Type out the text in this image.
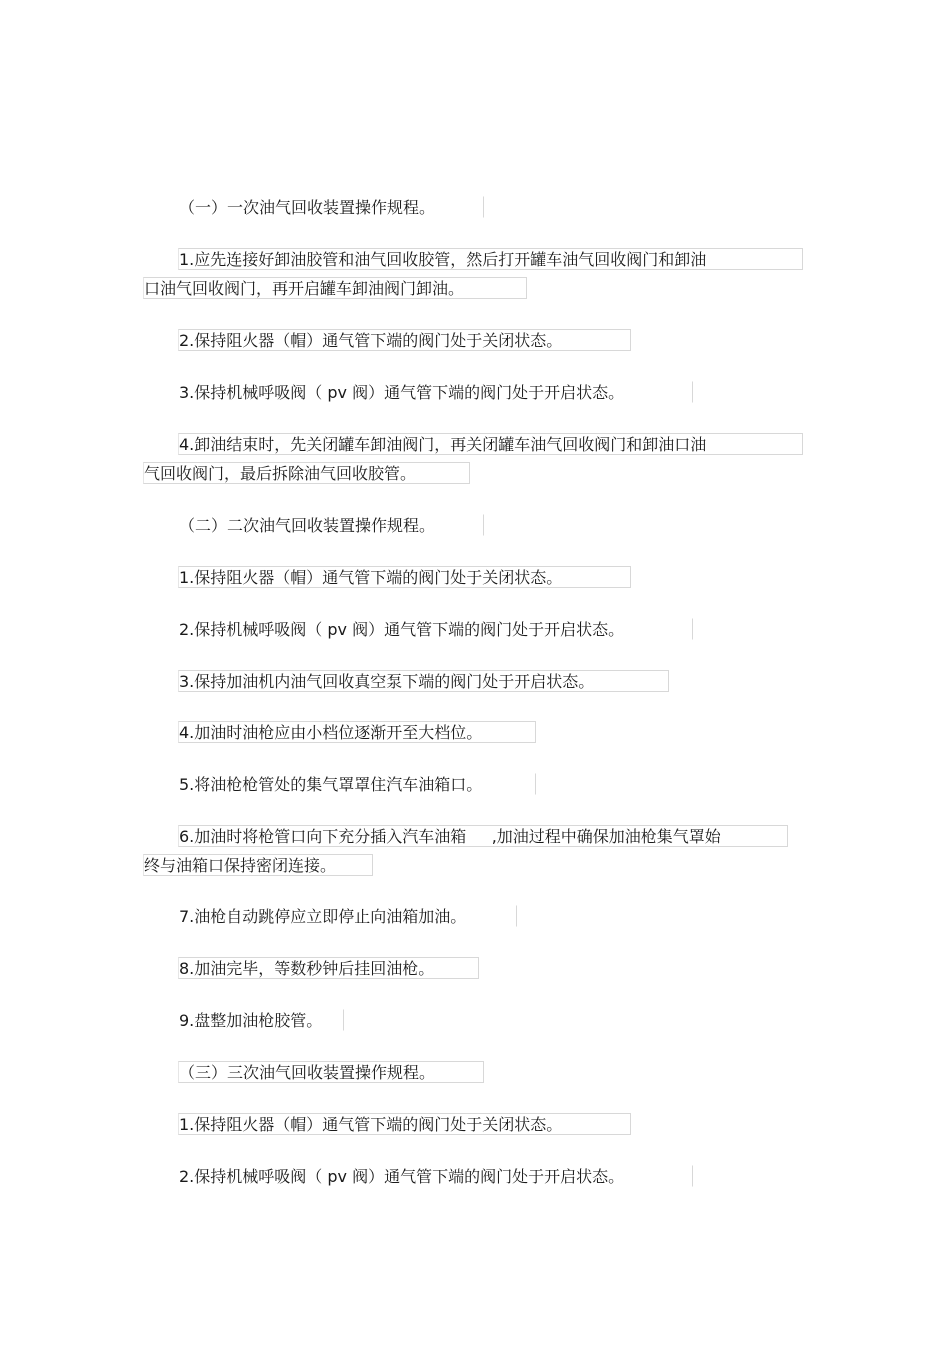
（一）一次油气回收装置操作规程。
1.应先连接好卸油胶管和油气回收胶管，然后打开罐车油气回收阀门和卸油
口油气回收阀门，再开启罐车卸油阀门卸油。
2.保持阻火器（帽）通气管下端的阀门处于关闭状态。
3.保持机械呼吸阀（ pv 阀）通气管下端的阀门处于开启状态。
4.卸油结束时，先关闭罐车卸油阀门，再关闭罐车油气回收阀门和卸油口油
气回收阀门，最后拆除油气回收胶管。
（二）二次油气回收装置操作规程。
1.保持阻火器（帽）通气管下端的阀门处于关闭状态。
2.保持机械呼吸阀（ pv 阀）通气管下端的阀门处于开启状态。
3.保持加油机内油气回收真空泵下端的阀门处于开启状态。
4.加油时油枪应由小档位逐渐开至大档位。
5.将油枪枪管处的集气罩罩住汽车油箱口。
6.加油时将枪管口向下充分插入汽车油箱     ,加油过程中确保加油枪集气罩始
终与油箱口保持密闭连接。
7.油枪自动跳停应立即停止向油箱加油。
8.加油完毕，等数秒钟后挂回油枪。
9.盘整加油枪胶管。
（三）三次油气回收装置操作规程。
1.保持阻火器（帽）通气管下端的阀门处于关闭状态。
2.保持机械呼吸阀（ pv 阀）通气管下端的阀门处于开启状态。
